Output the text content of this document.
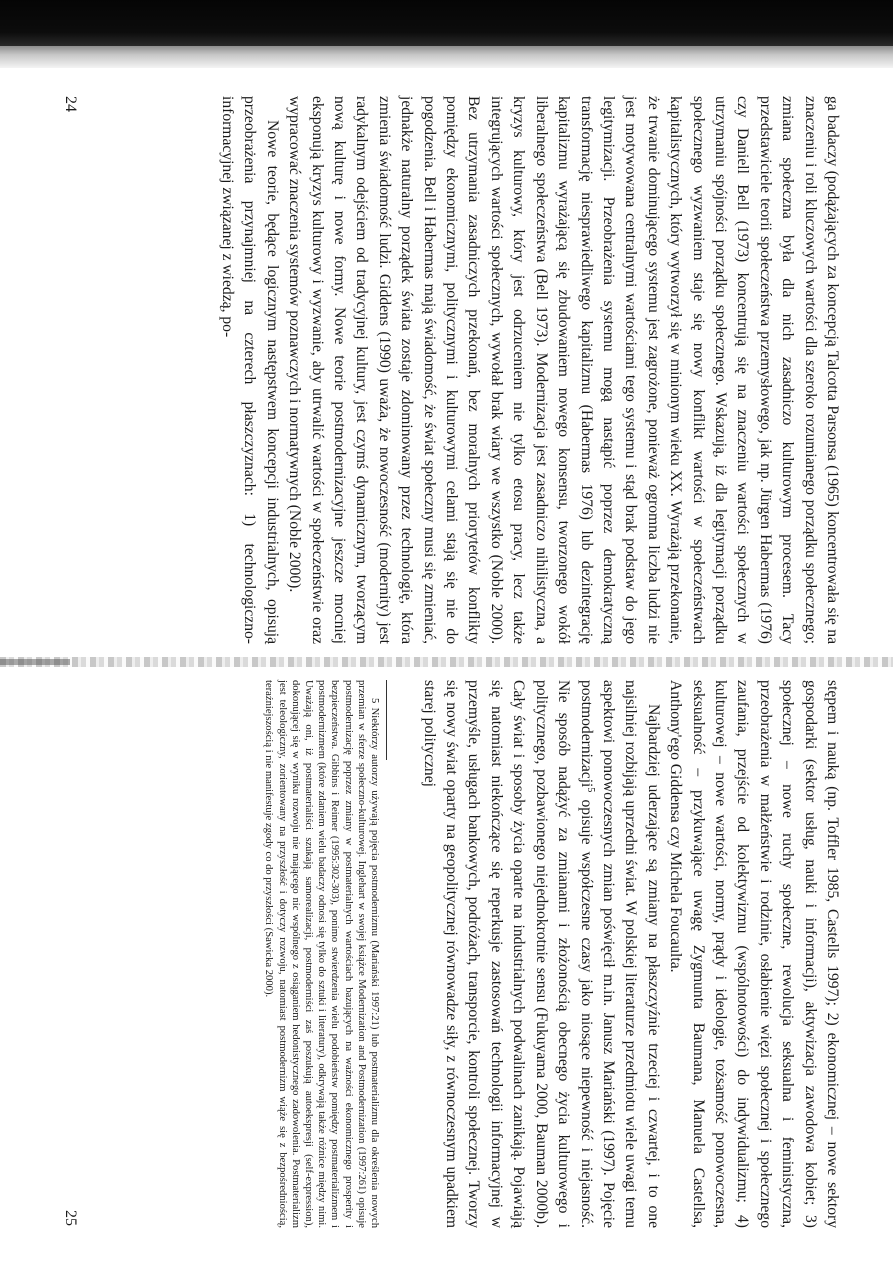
ga badaczy (podążających za koncepcją Talcotta Parsonsa (1965) koncentrowała się na znaczeniu i roli kluczowych wartości dla szeroko rozumianego porządku społecznego; zmiana społeczna była dla nich zasadniczo kulturowym procesem. Tacy przedstawiciele teorii społeczeństwa przemysłowego, jak np. Jürgen Habermas (1976) czy Daniell Bell (1973) koncentrują się na znaczeniu wartości społecznych w utrzymaniu spójności porządku społecznego. Wskazują, iż dla legitymacji porządku społecznego wyzwaniem staje się nowy konflikt wartości w społeczeństwach kapitalistycznych, który wytworzył się w minionym wieku XX. Wyrażają przekonanie, że trwanie dominującego systemu jest zagrożone, ponieważ ogromna liczba ludzi nie jest motywowana centralnymi wartościami tego systemu i stąd brak podstaw do jego legitymizacji. Przeobrażenia systemu mogą nastąpić poprzez demokratyczną transformację niesprawiedliwego kapitalizmu (Habermas 1976) lub dezintegrację kapitalizmu wyrażającą się zbudowaniem nowego konsensu, tworzonego wokół liberalnego społeczeństwa (Bell 1973). Modernizacja jest zasadniczo nihilistyczna, a kryzys kulturowy, który jest odrzuceniem nie tylko etosu pracy, lecz także integrujących wartości społecznych, wywołał brak wiary we wszystko (Noble 2000). Bez utrzymania zasadniczych przekonań, bez moralnych priorytetów konflikty pomiędzy ekonomicznymi, politycznymi i kulturowymi celami stają się nie do pogodzenia. Bell i Habermas mają świadomość, że świat społeczny musi się zmieniać, jednakże naturalny porządek świata zostaje zdominowany przez technologię, która zmienia świadomość ludzi. Giddens (1990) uważa, że nowoczesność (modernity) jest radykalnym odejściem od tradycyjnej kultury, jest czymś dynamicznym, tworzącym nową kulturę i nowe formy. Nowe teorie postmodernizacyjne jeszcze mocniej eksponują kryzys kulturowy i wyzwanie, aby utrwalić wartości w społeczeństwie oraz wypracować znaczenia systemów poznawczych i normatywnych (Noble 2000).

Nowe teorie, będące logicznym następstwem koncepcji industrialnych, opisują przeobrażenia przynajmniej na czterech płaszczyznach: 1) technologiczno-informacyjnej związanej z wiedzą, po-

24

stępem i nauką (np. Toffler 1985, Castells 1997); 2) ekonomicznej – nowe sektory gospodarki (sektor usług, nauki i informacji), aktywizacja zawodowa kobiet; 3) społecznej – nowe ruchy społeczne, rewolucja seksualna i feministyczna, przeobrażenia w małżeństwie i rodzinie, osłabienie więzi społecznej i społecznego zaufania, przejście od kolektywizmu (wspólnotowości) do indywidualizmu; 4) kulturowej – nowe wartości, normy, prądy i ideologie, tożsamość ponowoczesna, seksualność – przykuwające uwagę Zygmunta Baumana, Manuela Castellsa, Anthony'ego Giddensa czy Michela Foucaulta.

Najbardziej uderzające są zmiany na płaszczyźnie trzeciej i czwartej, i to one najsilniej rozbijają uprzedni świat. W polskiej literaturze przedmiotu wiele uwagi temu aspektowi ponowoczesnych zmian poświęcił m.in. Janusz Mariański (1997). Pojęcie postmodernizacji$^5$ opisuje współczesne czasy jako niosące niepewność i niejasność. Nie sposób nadążyć za zmianami i złożonością obecnego życia kulturowego i politycznego, pozbawionego niejednokrotnie sensu (Fukuyama 2000, Bauman 2000b). Cały świat i sposoby życia oparte na industrialnych podwalinach zanikają. Pojawiają się natomiast niekończące się reperkusje zastosowań technologii informacyjnej w przemyśle, usługach bankowych, podróżach, transporcie, kontroli społecznej. Tworzy się nowy świat oparty na geopolitycznej równowadze siły, z równoczesnym upadkiem starej politycznej

5 Niektórzy autorzy używają pojęcia postmodernizmu (Mariański 1997:21) lub postmaterializmu dla określenia nowych przemian w sferze społeczno-kulturowej. Inglehart w swojej książce Modernization and Postmodernization (1997:261) opisuje postmodernizację poprzez zmiany w postmaterialnych wartościach bazujących na ważności ekonomicznego prosperity i bezpieczeństwa. Gibbins i Reimer (1995:302-303), ponimo stwierdzenia wielu podobieństw pomiędzy postmaterializmem i postmodernizmem (które zdaniem wielu badaczy odnosi się tylko do sztuki i literatury), odkrywają także różnice między nimi. Uważają oni, iż postmaterialiści szukają samorealizacji, postmoderniści zaś poszukują autoekspresji (self-expression), dokonującej się w wyniku rozwoju nie mającego nic wspólnego z osiąganiem hedonistycznego zadowolenia. Postmaterializm jest teleologiczny, zorientowany na przyszłość i dotyczy rozwoju, natomiast postmodernizm wiąże się z bezpośredniością, teraźniejszością i nie manifestuje zgody co do przyszłości (Sawicka 2000).

25
